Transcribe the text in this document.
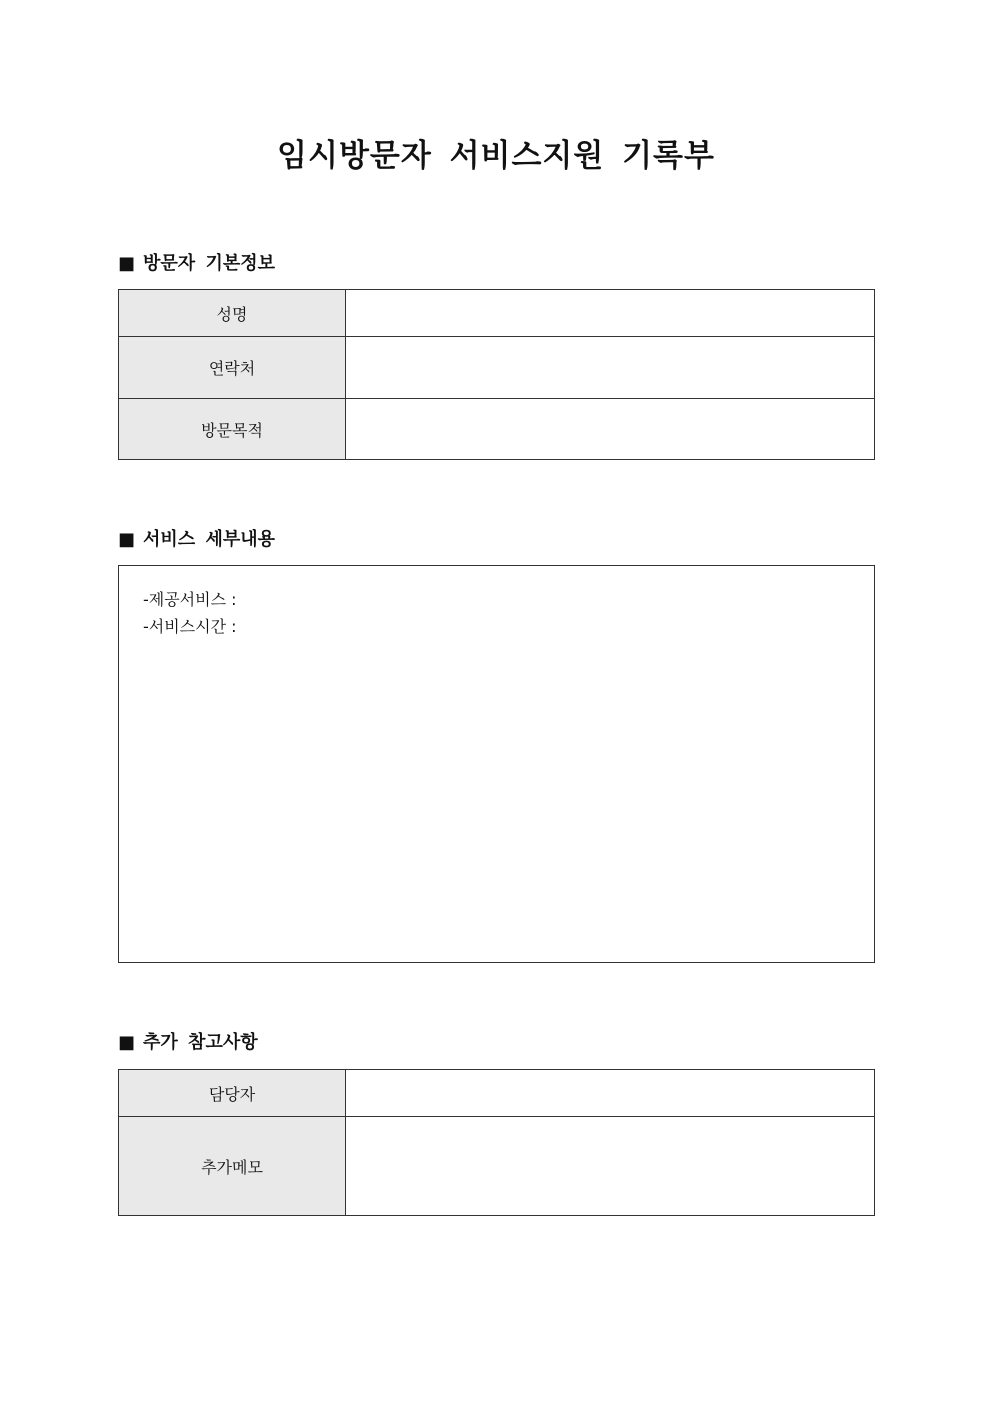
임시방문자 서비스지원 기록부
■ 방문자 기본정보
성명	
연락처	
방문목적	
■ 서비스 세부내용
-제공서비스 :
-서비스시간 :
■ 추가 참고사항
담당자	
추가메모	
